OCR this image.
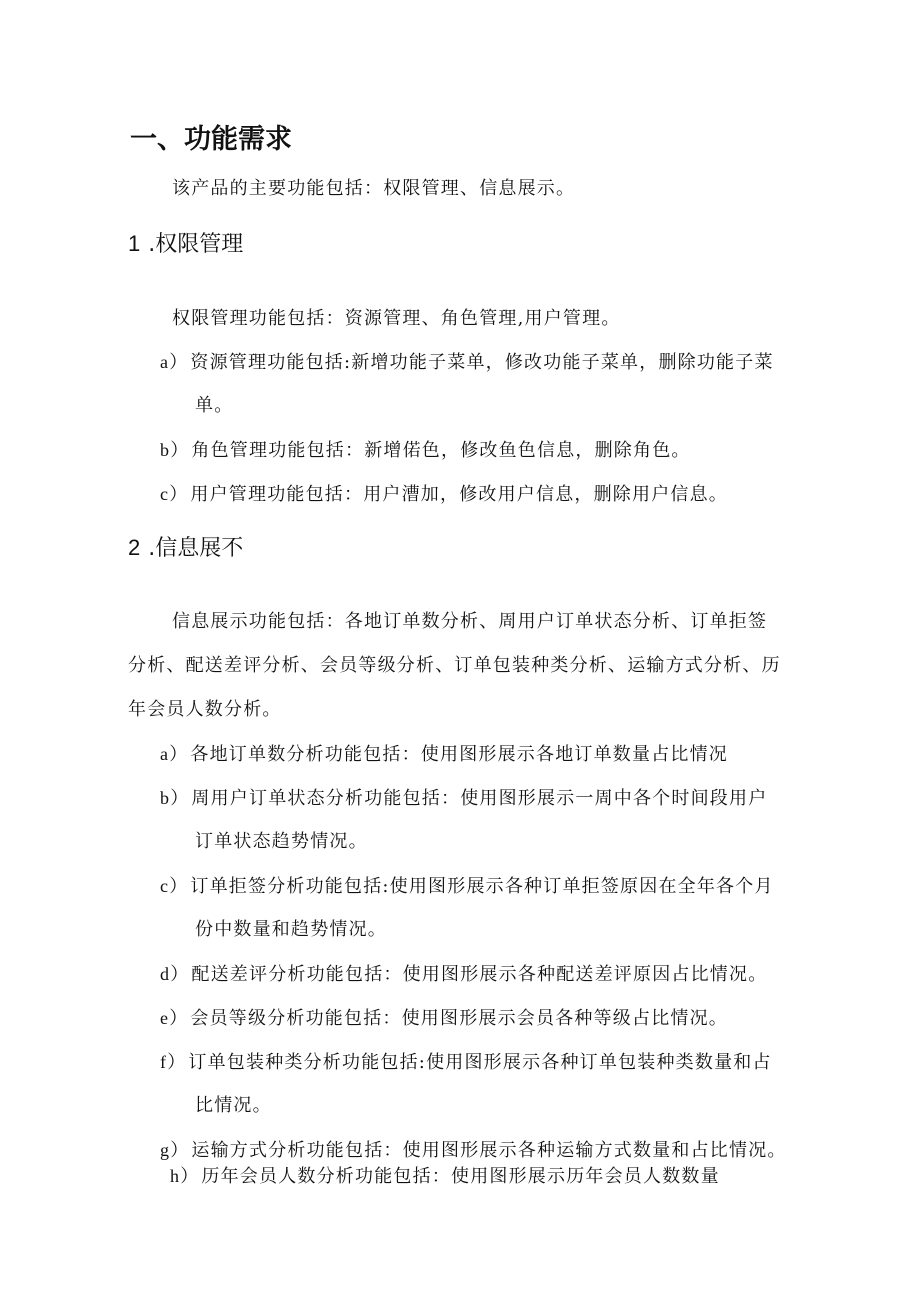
一、功能需求
该产品的主要功能包括：权限管理、信息展示。
1 .权限管理
权限管理功能包括：资源管理、角色管理,用户管理。
a） 资源管理功能包括:新增功能子菜单，修改功能子菜单，删除功能子菜
单。
b） 角色管理功能包括：新增偌色，修改鱼色信息，删除角色。
c） 用户管理功能包括：用户漕加，修改用户信息，删除用户信息。
2 .信息展不
信息展示功能包括：各地订单数分析、周用户订单状态分析、订单拒签
分析、配送差评分析、会员等级分析、订单包装种类分析、运输方式分析、历
年会员人数分析。
a） 各地订单数分析功能包括：使用图形展示各地订单数量占比情况
b） 周用户订单状态分析功能包括：使用图形展示一周中各个时间段用户
订单状态趋势情况。
c） 订单拒签分析功能包括:使用图形展示各种订单拒签原因在全年各个月
份中数量和趋势情况。
d） 配送差评分析功能包括：使用图形展示各种配送差评原因占比情况。
e） 会员等级分析功能包括：使用图形展示会员各种等级占比情况。
f） 订单包装种类分析功能包括:使用图形展示各种订单包装种类数量和占
比情况。
g） 运输方式分析功能包括：使用图形展示各种运输方式数量和占比情况。
h） 历年会员人数分析功能包括：使用图形展示历年会员人数数量
